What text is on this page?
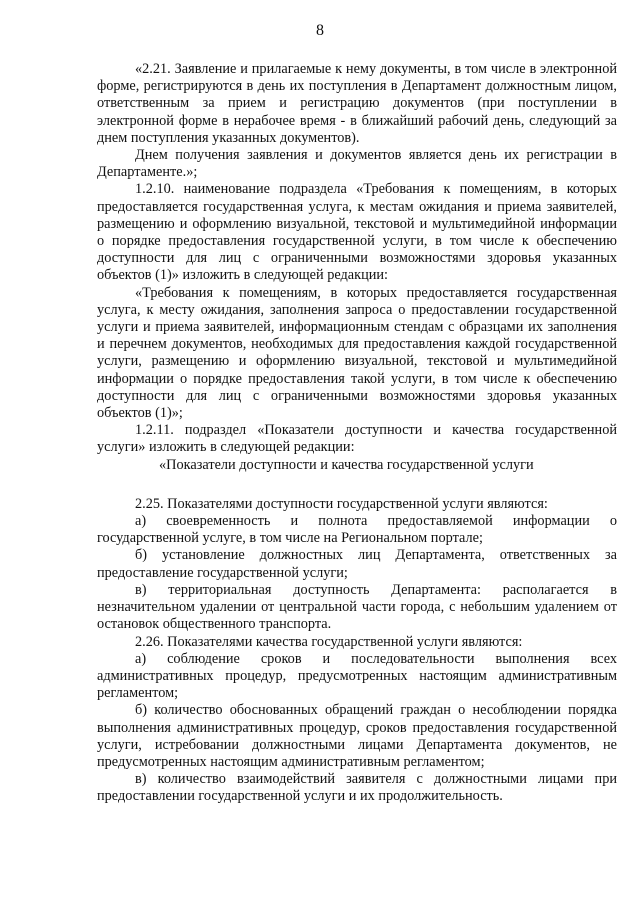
8

«2.21. Заявление и прилагаемые к нему документы, в том числе в электронной форме, регистрируются в день их поступления в Департамент должностным лицом, ответственным за прием и регистрацию документов (при поступлении в электронной форме в нерабочее время - в ближайший рабочий день, следующий за днем поступления указанных документов).

Днем получения заявления и документов является день их регистрации в Департаменте.»;

1.2.10. наименование подраздела «Требования к помещениям, в которых предоставляется государственная услуга, к местам ожидания и приема заявителей, размещению и оформлению визуальной, текстовой и мультимедийной информации о порядке предоставления государственной услуги, в том числе к обеспечению доступности для лиц с ограниченными возможностями здоровья указанных объектов (1)» изложить в следующей редакции:

«Требования к помещениям, в которых предоставляется государственная услуга, к месту ожидания, заполнения запроса о предоставлении государственной услуги и приема заявителей, информационным стендам с образцами их заполнения и перечнем документов, необходимых для предоставления каждой государственной услуги, размещению и оформлению визуальной, текстовой и мультимедийной информации о порядке предоставления такой услуги, в том числе к обеспечению доступности для лиц с ограниченными возможностями здоровья указанных объектов (1)»;

1.2.11. подраздел «Показатели доступности и качества государственной услуги» изложить в следующей редакции:

«Показатели доступности и качества государственной услуги

2.25. Показателями доступности государственной услуги являются:

а) своевременность и полнота предоставляемой информации о государственной услуге, в том числе на Региональном портале;

б) установление должностных лиц Департамента, ответственных за предоставление государственной услуги;

в) территориальная доступность Департамента: располагается в незначительном удалении от центральной части города, с небольшим удалением от остановок общественного транспорта.

2.26. Показателями качества государственной услуги являются:

а) соблюдение сроков и последовательности выполнения всех административных процедур, предусмотренных настоящим административным регламентом;

б) количество обоснованных обращений граждан о несоблюдении порядка выполнения административных процедур, сроков предоставления государственной услуги, истребовании должностными лицами Департамента документов, не предусмотренных настоящим административным регламентом;

в) количество взаимодействий заявителя с должностными лицами при предоставлении государственной услуги и их продолжительность.
